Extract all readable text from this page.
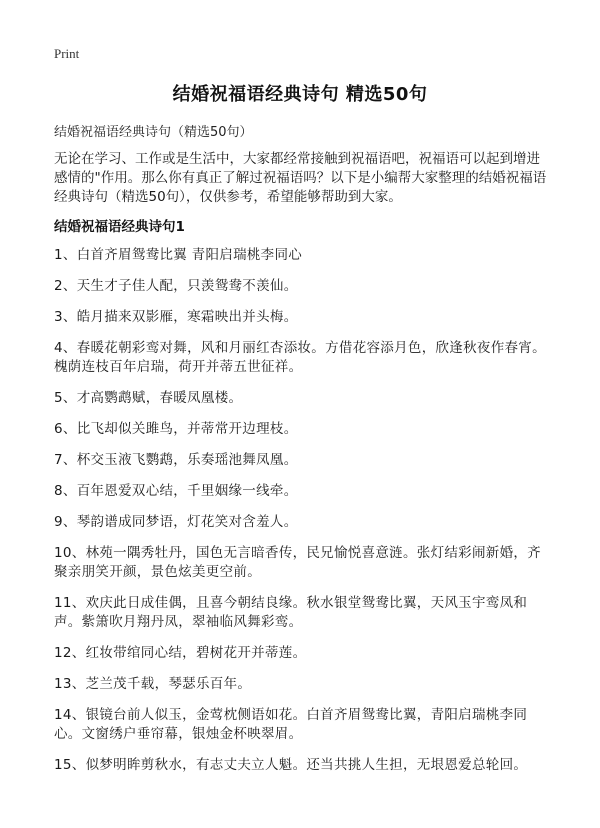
Print
结婚祝福语经典诗句 精选50句
结婚祝福语经典诗句（精选50句）

无论在学习、工作或是生活中，大家都经常接触到祝福语吧，祝福语可以起到增进感情的"作用。那么你有真正了解过祝福语吗？以下是小编帮大家整理的结婚祝福语经典诗句（精选50句），仅供参考，希望能够帮助到大家。

结婚祝福语经典诗句1
1、白首齐眉鸳鸯比翼 青阳启瑞桃李同心
2、天生才子佳人配，只羡鸳鸯不羡仙。
3、皓月描来双影雁，寒霜映出并头梅。
4、春暖花朝彩鸾对舞，风和月丽红杏添妆。方借花容添月色，欣逢秋夜作春宵。槐荫连枝百年启瑞，荷开并蒂五世征祥。
5、才高鹦鹉赋，春暖凤凰楼。
6、比飞却似关雎鸟，并蒂常开边理枝。
7、杯交玉液飞鹦鹉，乐奏瑶池舞凤凰。
8、百年恩爱双心结，千里姻缘一线牵。
9、琴韵谱成同梦语，灯花笑对含羞人。
10、林苑一隅秀牡丹，国色无言暗香传，民兄愉悦喜意涟。张灯结彩闹新婚，齐聚亲朋笑开颜，景色炫美更空前。
11、欢庆此日成佳偶，且喜今朝结良缘。秋水银堂鸳鸯比翼，天风玉宇鸾凤和声。紫箫吹月翔丹凤，翠袖临风舞彩鸾。
12、红妆带绾同心结，碧树花开并蒂莲。
13、芝兰茂千载，琴瑟乐百年。
14、银镜台前人似玉，金莺枕侧语如花。白首齐眉鸳鸯比翼，青阳启瑞桃李同心。文窗绣户垂帘幕，银烛金杯映翠眉。
15、似梦明眸剪秋水，有志丈夫立人魁。还当共挑人生担，无垠恩爱总轮回。
